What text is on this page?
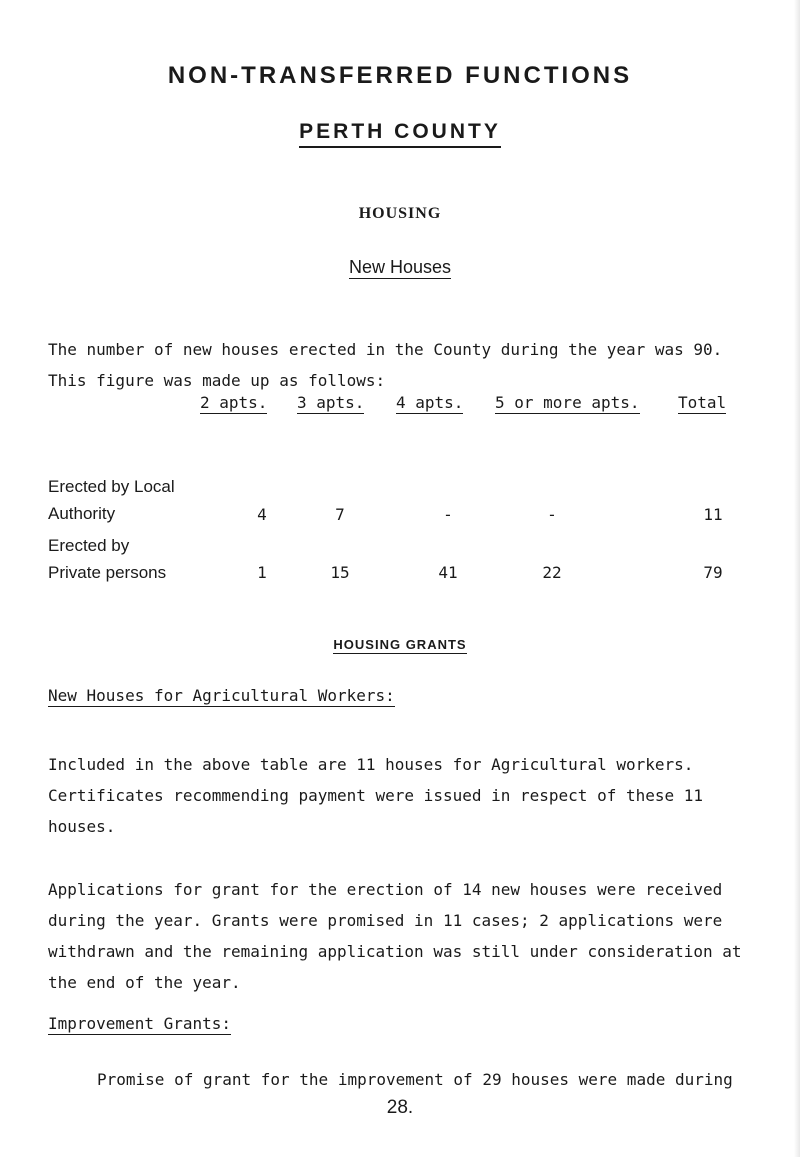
NON-TRANSFERRED FUNCTIONS
PERTH COUNTY
HOUSING
New Houses
The number of new houses erected in the County during the year was 90. This figure was made up as follows:
2 apts. 3 apts. 4 apts. 5 or more apts. Total
Erected by Local
Authority	4	7	-	-	11
Erected by
Private persons	1	15	41	22	79
HOUSING GRANTS
New Houses for Agricultural Workers:
Included in the above table are 11 houses for Agricultural workers. Certificates recommending payment were issued in respect of these 11 houses.
Applications for grant for the erection of 14 new houses were received during the year. Grants were promised in 11 cases; 2 applications were withdrawn and the remaining application was still under consideration at the end of the year.
Improvement Grants:
Promise of grant for the improvement of 29 houses were made during
28.
